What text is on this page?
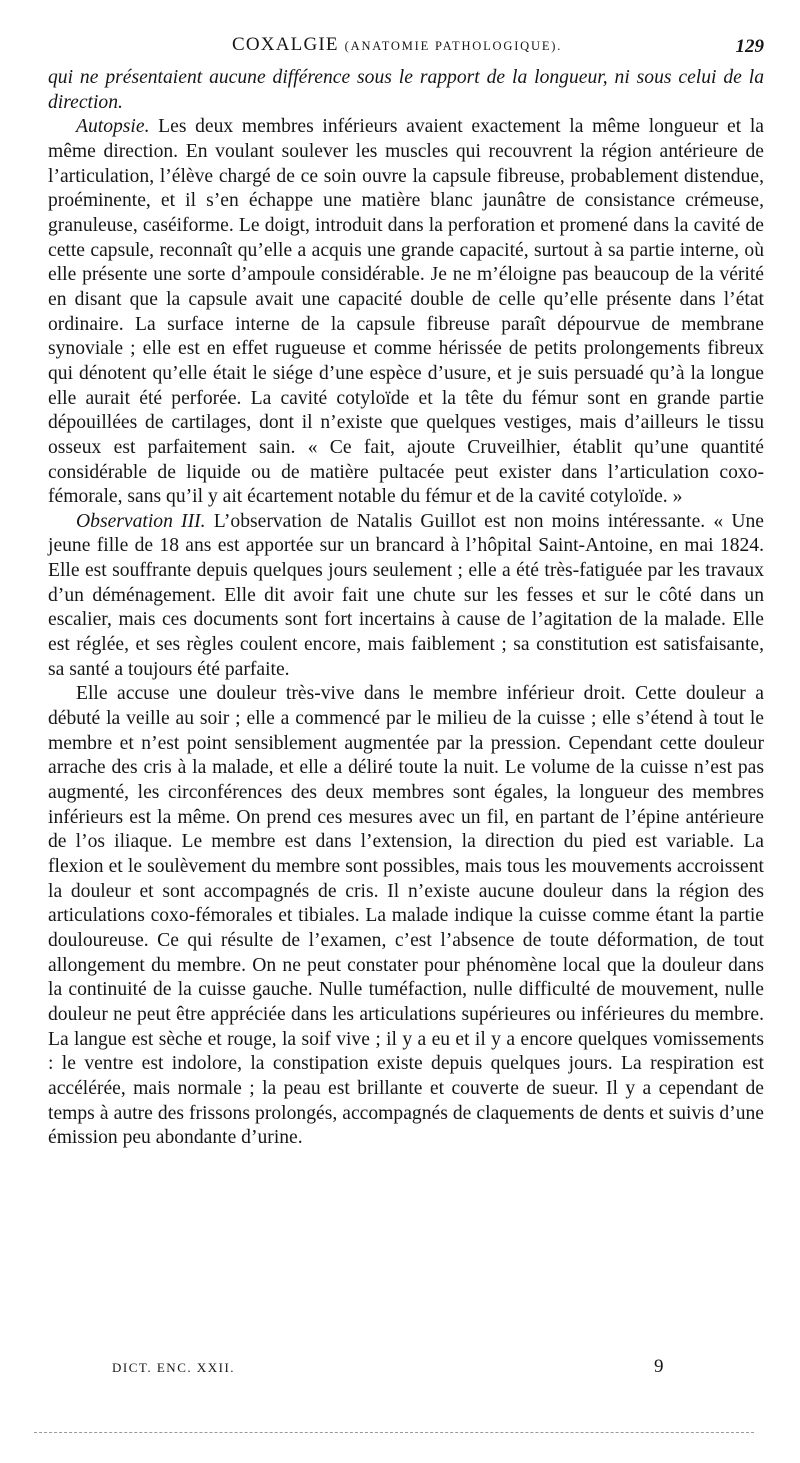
COXALGIE (ANATOMIE PATHOLOGIQUE).	129

qui ne présentaient aucune différence sous le rapport de la longueur, ni sous celui de la direction.

Autopsie. Les deux membres inférieurs avaient exactement la même longueur et la même direction. En voulant soulever les muscles qui recouvrent la région antérieure de l’articulation, l’élève chargé de ce soin ouvre la capsule fibreuse, probablement distendue, proéminente, et il s’en échappe une matière blanc jaunâtre de consistance crémeuse, granuleuse, caséiforme. Le doigt, introduit dans la perforation et promené dans la cavité de cette capsule, reconnaît qu’elle a acquis une grande capacité, surtout à sa partie interne, où elle présente une sorte d’ampoule considérable. Je ne m’éloigne pas beaucoup de la vérité en disant que la capsule avait une capacité double de celle qu’elle présente dans l’état ordinaire. La surface interne de la capsule fibreuse paraît dépourvue de membrane synoviale ; elle est en effet rugueuse et comme hérissée de petits prolongements fibreux qui dénotent qu’elle était le siége d’une espèce d’usure, et je suis persuadé qu’à la longue elle aurait été perforée. La cavité cotyloïde et la tête du fémur sont en grande partie dépouillées de cartilages, dont il n’existe que quelques vestiges, mais d’ailleurs le tissu osseux est parfaitement sain. « Ce fait, ajoute Cruveilhier, établit qu’une quantité considérable de liquide ou de matière pultacée peut exister dans l’articulation coxo-fémorale, sans qu’il y ait écartement notable du fémur et de la cavité cotyloïde. »

Observation III. L’observation de Natalis Guillot est non moins intéressante. « Une jeune fille de 18 ans est apportée sur un brancard à l’hôpital Saint-Antoine, en mai 1824. Elle est souffrante depuis quelques jours seulement ; elle a été très-fatiguée par les travaux d’un déménagement. Elle dit avoir fait une chute sur les fesses et sur le côté dans un escalier, mais ces documents sont fort incertains à cause de l’agitation de la malade. Elle est réglée, et ses règles coulent encore, mais faiblement ; sa constitution est satisfaisante, sa santé a toujours été parfaite.

Elle accuse une douleur très-vive dans le membre inférieur droit. Cette douleur a débuté la veille au soir ; elle a commencé par le milieu de la cuisse ; elle s’étend à tout le membre et n’est point sensiblement augmentée par la pression. Cependant cette douleur arrache des cris à la malade, et elle a déliré toute la nuit. Le volume de la cuisse n’est pas augmenté, les circonférences des deux membres sont égales, la longueur des membres inférieurs est la même. On prend ces mesures avec un fil, en partant de l’épine antérieure de l’os iliaque. Le membre est dans l’extension, la direction du pied est variable. La flexion et le soulèvement du membre sont possibles, mais tous les mouvements accroissent la douleur et sont accompagnés de cris. Il n’existe aucune douleur dans la région des articulations coxo-fémorales et tibiales. La malade indique la cuisse comme étant la partie douloureuse. Ce qui résulte de l’examen, c’est l’absence de toute déformation, de tout allongement du membre. On ne peut constater pour phénomène local que la douleur dans la continuité de la cuisse gauche. Nulle tuméfaction, nulle difficulté de mouvement, nulle douleur ne peut être appréciée dans les articulations supérieures ou inférieures du membre. La langue est sèche et rouge, la soif vive ; il y a eu et il y a encore quelques vomissements : le ventre est indolore, la constipation existe depuis quelques jours. La respiration est accélérée, mais normale ; la peau est brillante et couverte de sueur. Il y a cependant de temps à autre des frissons prolongés, accompagnés de claquements de dents et suivis d’une émission peu abondante d’urine.

DICT. ENC. XXII.	9
